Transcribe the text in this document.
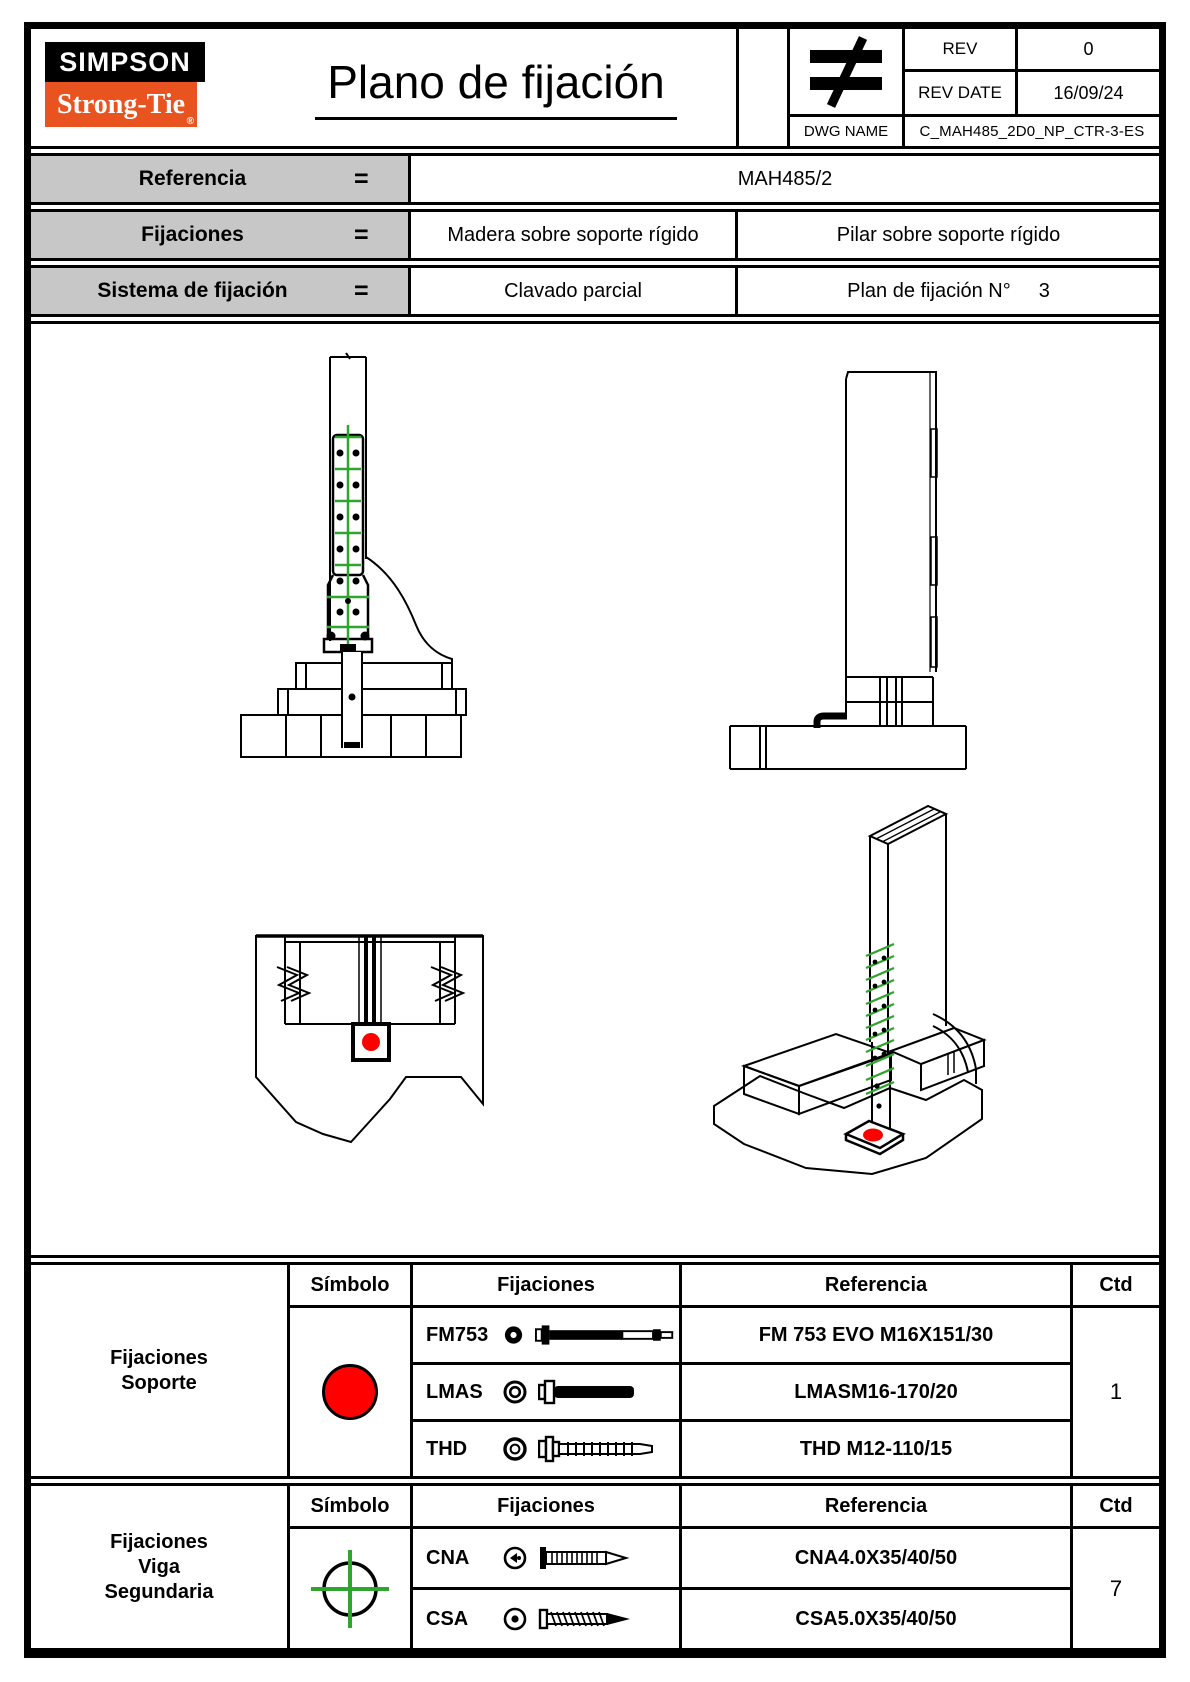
SIMPSON
Strong-Tie
®
Plano de fijación
REV	0
REV DATE	16/09/24
DWG NAME	C_MAH485_2D0_NP_CTR-3-ES
Referencia	=	MAH485/2
Fijaciones	=	Madera sobre soporte rígido	Pilar sobre soporte rígido
Sistema de fijación	=	Clavado parcial	Plan de fijación N° 3
Fijaciones
Soporte
Símbolo	Fijaciones	Referencia	Ctd
FM753	FM 753 EVO M16X151/30
1
LMAS	LMASM16-170/20
THD	THD M12-110/15
Fijaciones
Viga
Segundaria
Símbolo	Fijaciones	Referencia	Ctd
CNA	CNA4.0X35/40/50
7
CSA	CSA5.0X35/40/50
